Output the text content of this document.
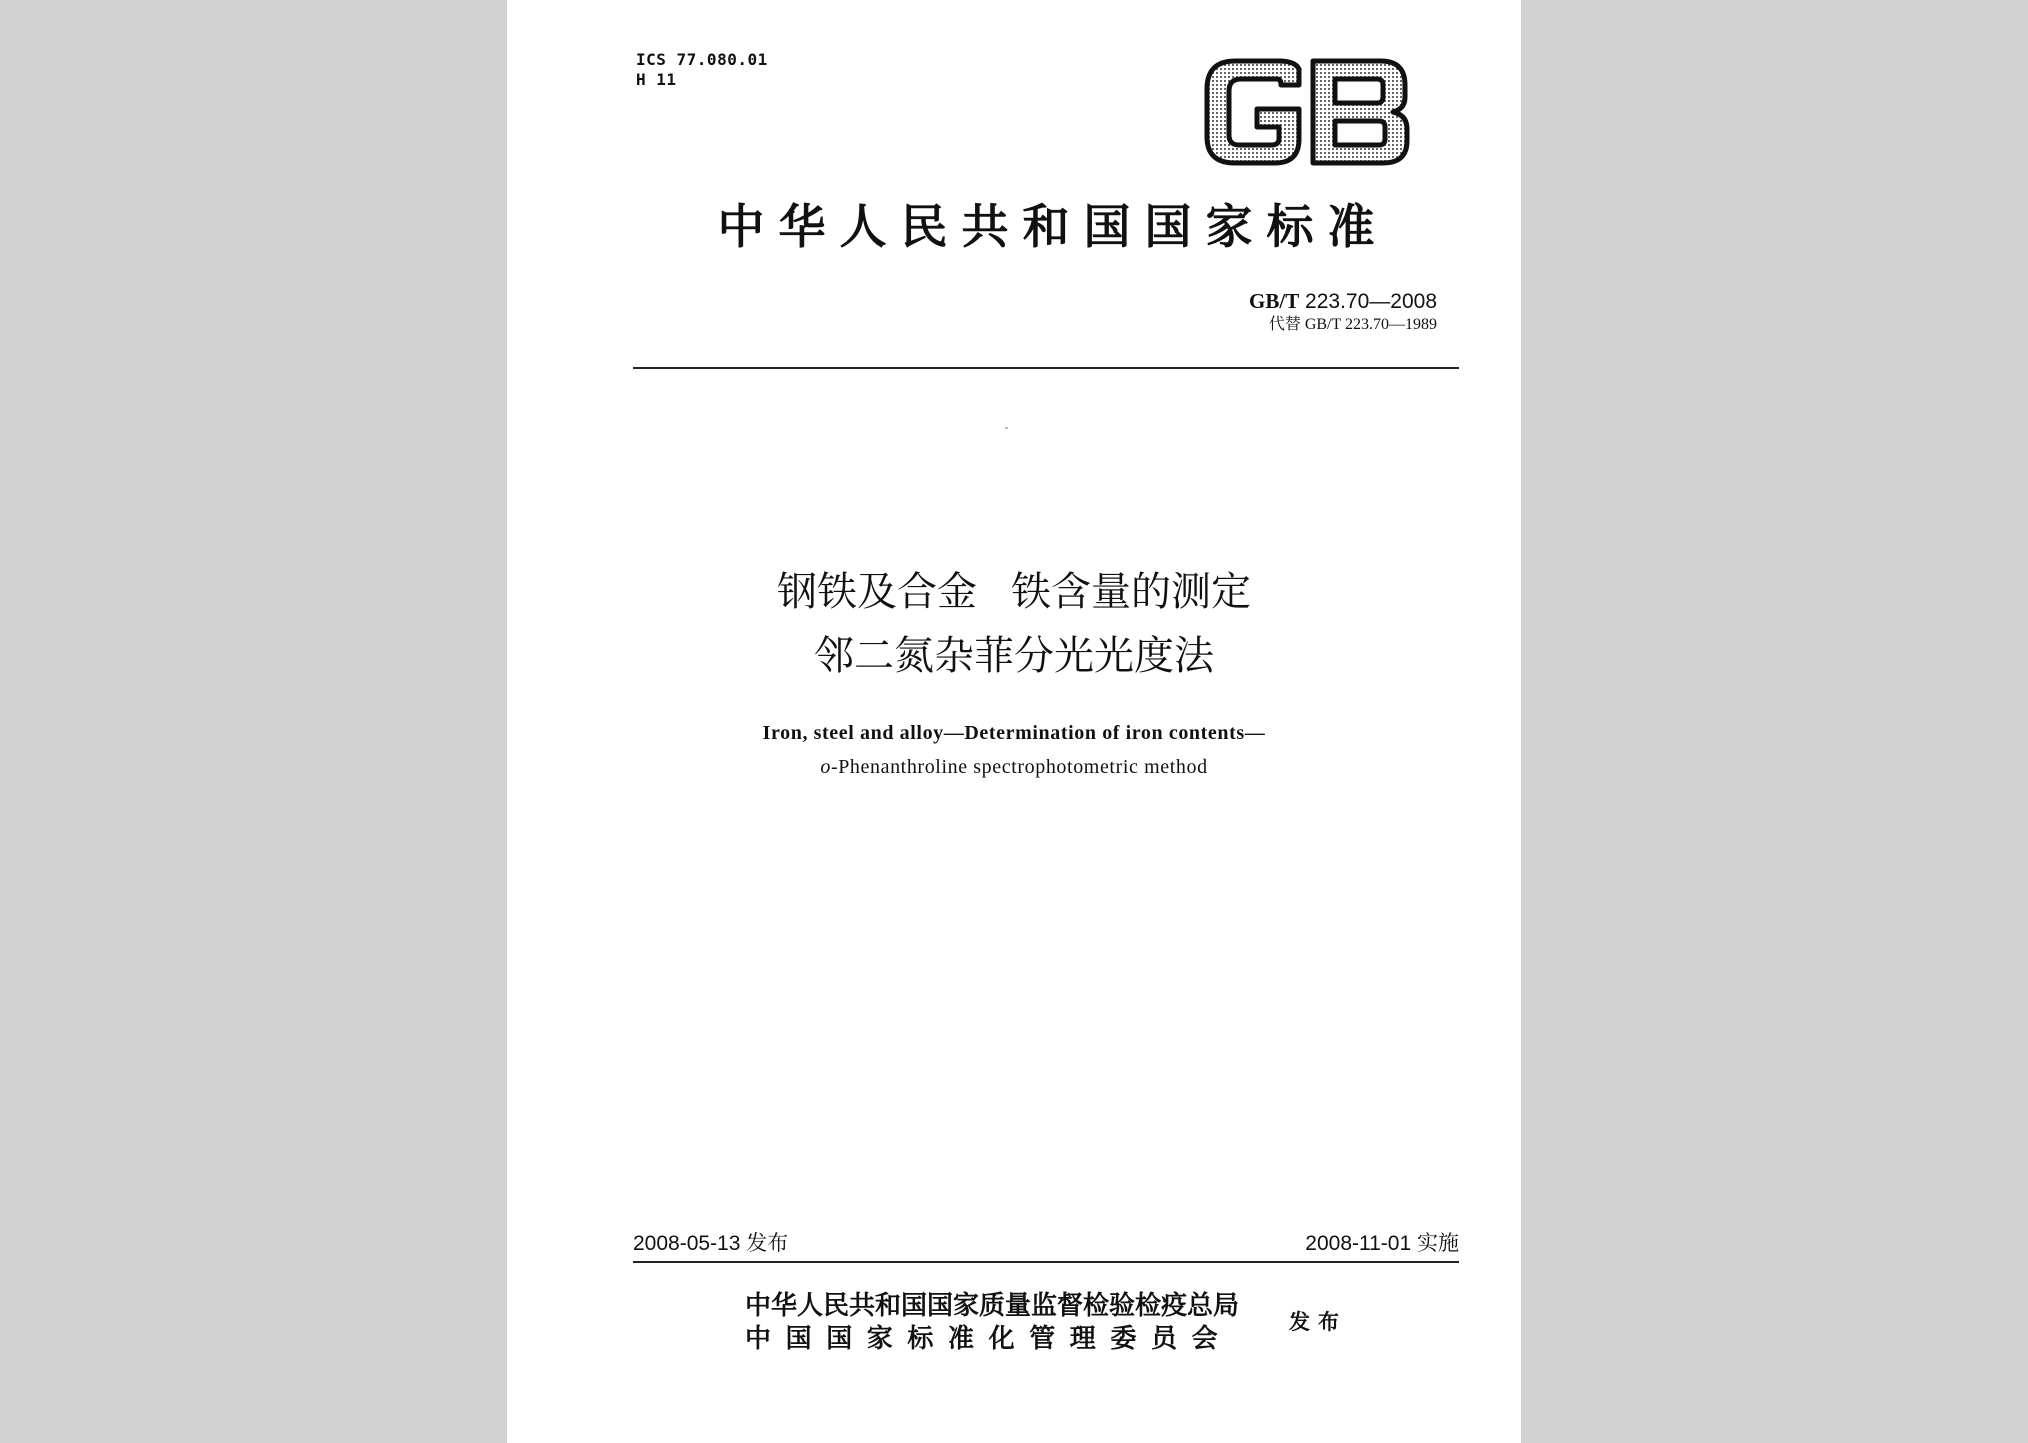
ICS 77.080.01
H 11
中华人民共和国国家标准
GB/T 223.70—2008
代替 GB/T 223.70—1989
钢铁及合金 铁含量的测定
邻二氮杂菲分光光度法
Iron, steel and alloy—Determination of iron contents—
o-Phenanthroline spectrophotometric method
2008-05-13 发布	2008-11-01 实施
中华人民共和国国家质量监督检验检疫总局
中国国家标准化管理委员会
发布
